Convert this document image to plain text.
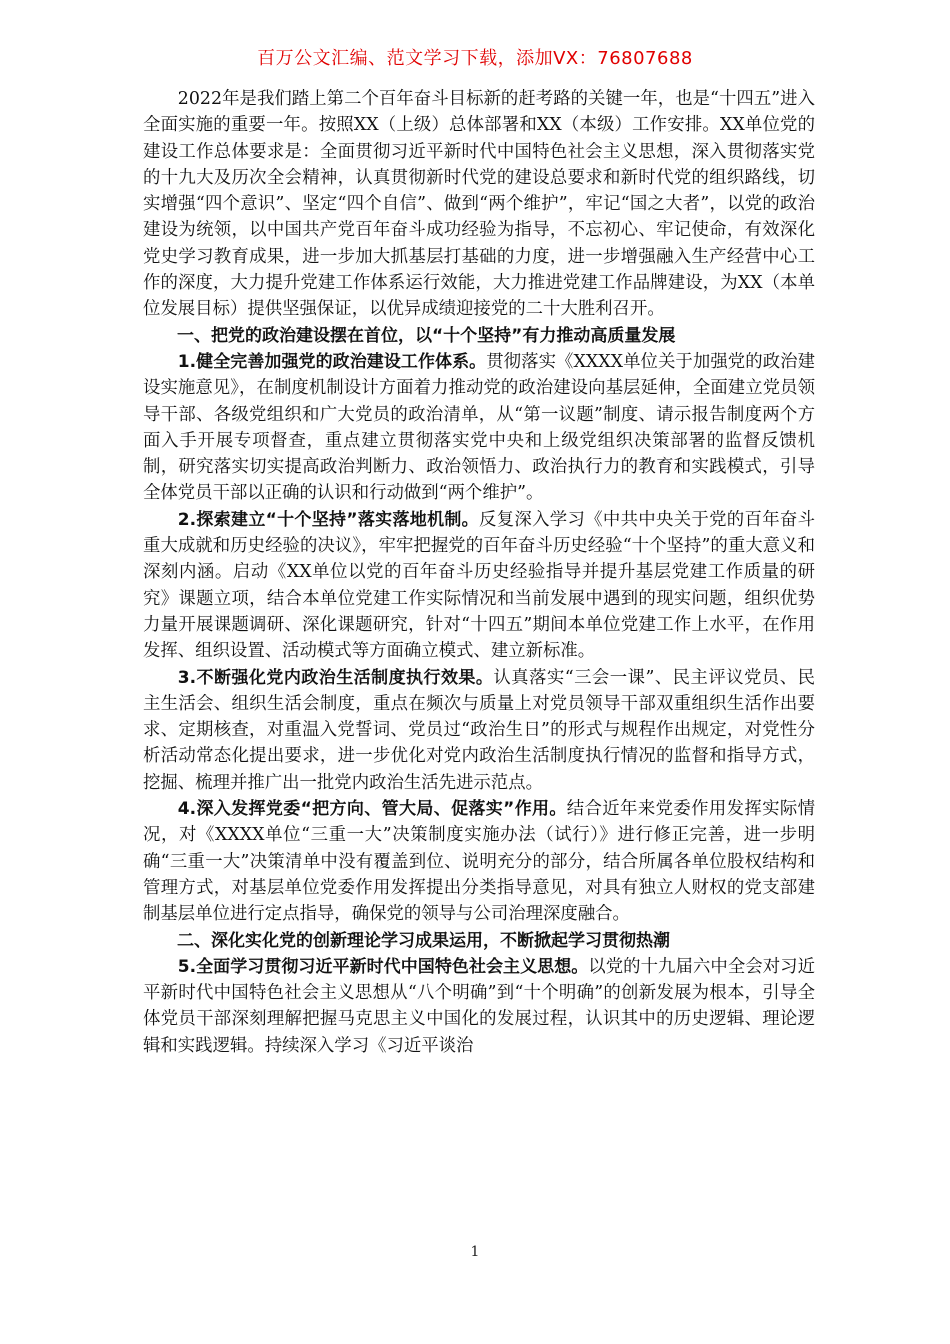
百万公文汇编、范文学习下载，添加VX：76807688

2022年是我们踏上第二个百年奋斗目标新的赶考路的关键一年，也是“十四五”进入全面实施的重要一年。按照XX（上级）总体部署和XX（本级）工作安排。XX单位党的建设工作总体要求是：全面贯彻习近平新时代中国特色社会主义思想，深入贯彻落实党的十九大及历次全会精神，认真贯彻新时代党的建设总要求和新时代党的组织路线，切实增强“四个意识”、坚定“四个自信”、做到“两个维护”，牢记“国之大者”，以党的政治建设为统领，以中国共产党百年奋斗成功经验为指导，不忘初心、牢记使命，有效深化党史学习教育成果，进一步加大抓基层打基础的力度，进一步增强融入生产经营中心工作的深度，大力提升党建工作体系运行效能，大力推进党建工作品牌建设，为XX（本单位发展目标）提供坚强保证，以优异成绩迎接党的二十大胜利召开。

一、把党的政治建设摆在首位，以“十个坚持”有力推动高质量发展

1.健全完善加强党的政治建设工作体系。贯彻落实《XXXX单位关于加强党的政治建设实施意见》，在制度机制设计方面着力推动党的政治建设向基层延伸，全面建立党员领导干部、各级党组织和广大党员的政治清单，从“第一议题”制度、请示报告制度两个方面入手开展专项督查，重点建立贯彻落实党中央和上级党组织决策部署的监督反馈机制，研究落实切实提高政治判断力、政治领悟力、政治执行力的教育和实践模式，引导全体党员干部以正确的认识和行动做到“两个维护”。

2.探索建立“十个坚持”落实落地机制。反复深入学习《中共中央关于党的百年奋斗重大成就和历史经验的决议》，牢牢把握党的百年奋斗历史经验“十个坚持”的重大意义和深刻内涵。启动《XX单位以党的百年奋斗历史经验指导并提升基层党建工作质量的研究》课题立项，结合本单位党建工作实际情况和当前发展中遇到的现实问题，组织优势力量开展课题调研、深化课题研究，针对“十四五”期间本单位党建工作上水平，在作用发挥、组织设置、活动模式等方面确立模式、建立新标准。

3.不断强化党内政治生活制度执行效果。认真落实“三会一课”、民主评议党员、民主生活会、组织生活会制度，重点在频次与质量上对党员领导干部双重组织生活作出要求、定期核查，对重温入党誓词、党员过“政治生日”的形式与规程作出规定，对党性分析活动常态化提出要求，进一步优化对党内政治生活制度执行情况的监督和指导方式，挖掘、梳理并推广出一批党内政治生活先进示范点。

4.深入发挥党委“把方向、管大局、促落实”作用。结合近年来党委作用发挥实际情况，对《XXXX单位“三重一大”决策制度实施办法（试行）》进行修正完善，进一步明确“三重一大”决策清单中没有覆盖到位、说明充分的部分，结合所属各单位股权结构和管理方式，对基层单位党委作用发挥提出分类指导意见，对具有独立人财权的党支部建制基层单位进行定点指导，确保党的领导与公司治理深度融合。

二、深化实化党的创新理论学习成果运用，不断掀起学习贯彻热潮

5.全面学习贯彻习近平新时代中国特色社会主义思想。以党的十九届六中全会对习近平新时代中国特色社会主义思想从“八个明确”到“十个明确”的创新发展为根本，引导全体党员干部深刻理解把握马克思主义中国化的发展过程，认识其中的历史逻辑、理论逻辑和实践逻辑。持续深入学习《习近平谈治

1
